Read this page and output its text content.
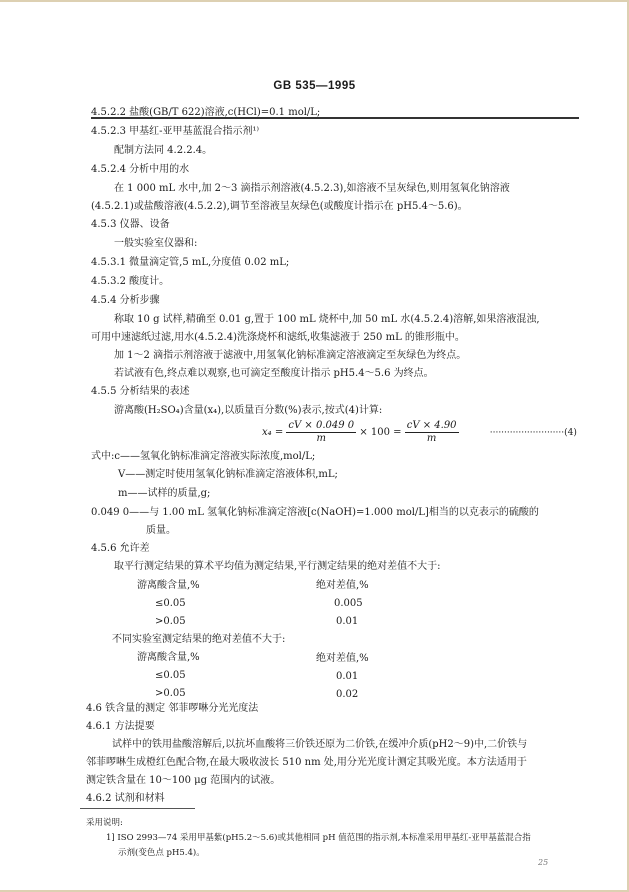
GB 535—1995
4.5.2.2 盐酸(GB/T 622)溶液,c(HCl)=0.1 mol/L;
4.5.2.3 甲基红-亚甲基蓝混合指示剂¹⁾
配制方法同 4.2.2.4。
4.5.2.4 分析中用的水
在 1 000 mL 水中,加 2～3 滴指示剂溶液(4.5.2.3),如溶液不呈灰绿色,则用氢氧化钠溶液
(4.5.2.1)或盐酸溶液(4.5.2.2),调节至溶液呈灰绿色(或酸度计指示在 pH5.4～5.6)。
4.5.3 仪器、设备
一般实验室仪器和:
4.5.3.1 微量滴定管,5 mL,分度值 0.02 mL;
4.5.3.2 酸度计。
4.5.4 分析步骤
称取 10 g 试样,精确至 0.01 g,置于 100 mL 烧杯中,加 50 mL 水(4.5.2.4)溶解,如果溶液混浊,
可用中速滤纸过滤,用水(4.5.2.4)洗涤烧杯和滤纸,收集滤液于 250 mL 的锥形瓶中。
加 1～2 滴指示剂溶液于滤液中,用氢氧化钠标准滴定溶液滴定至灰绿色为终点。
若试液有色,终点难以观察,也可滴定至酸度计指示 pH5.4～5.6 为终点。
4.5.5 分析结果的表述
游离酸(H₂SO₄)含量(x₄),以质量百分数(%)表示,按式(4)计算:
$x_4 = \frac{cV \times 0.049 0}{m} \times 100 = \frac{cV \times 4.90}{m}$	··························(4)
式中:c——氢氧化钠标准滴定溶液实际浓度,mol/L;
V——测定时使用氢氧化钠标准滴定溶液体积,mL;
m——试样的质量,g;
0.049 0——与 1.00 mL 氢氧化钠标准滴定溶液[c(NaOH)=1.000 mol/L]相当的以克表示的硫酸的
质量。
4.5.6 允许差
取平行测定结果的算术平均值为测定结果,平行测定结果的绝对差值不大于:
游离酸含量,%	绝对差值,%
≤0.05	0.005
>0.05	0.01
不同实验室测定结果的绝对差值不大于:
游离酸含量,%	绝对差值,%
≤0.05	0.01
>0.05	0.02
4.6 铁含量的测定 邻菲啰啉分光光度法
4.6.1 方法提要
试样中的铁用盐酸溶解后,以抗坏血酸将三价铁还原为二价铁,在缓冲介质(pH2～9)中,二价铁与
邻菲啰啉生成橙红色配合物,在最大吸收波长 510 nm 处,用分光光度计测定其吸光度。本方法适用于
测定铁含量在 10～100 μg 范围内的试液。
4.6.2 试剂和材料
采用说明:
1] ISO 2993—74 采用甲基紫(pH5.2～5.6)或其他相同 pH 值范围的指示剂,本标准采用甲基红-亚甲基蓝混合指
示剂(变色点 pH5.4)。
25
